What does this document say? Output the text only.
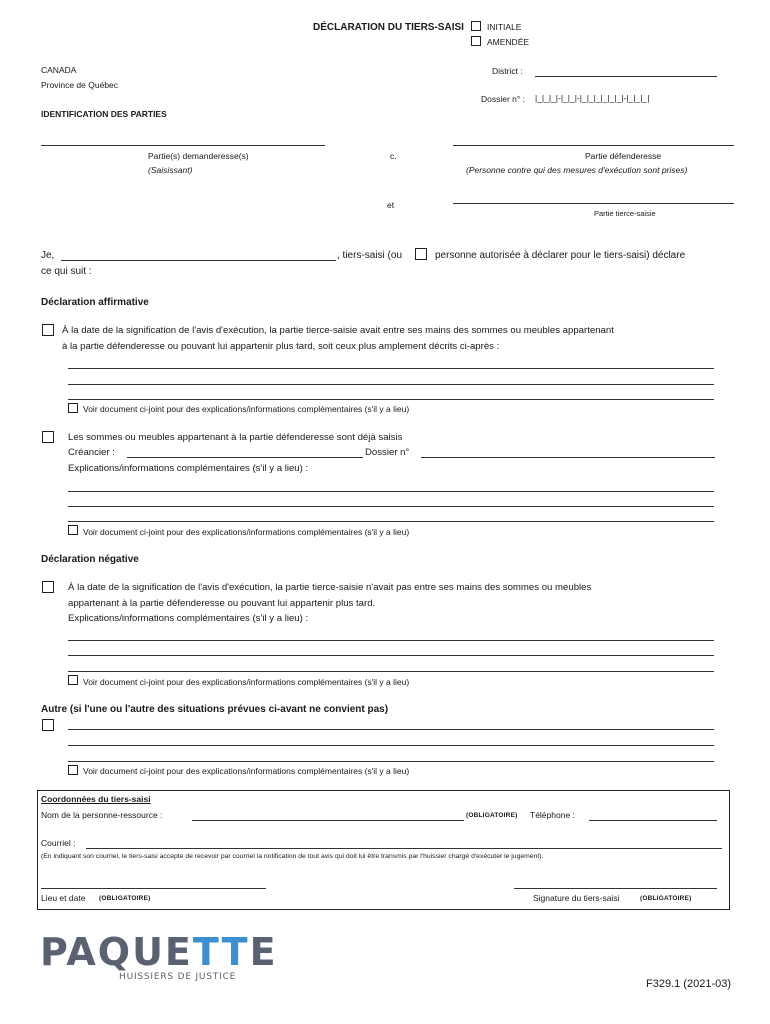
DÉCLARATION DU TIERS-SAISI	INITIALE
AMENDÉE
CANADA
Province de Québec
District :
Dossier n° : |_|_|_|-|_|_|-|_|_|_|_|_|_|-|_|_|_|
IDENTIFICATION DES PARTIES
Partie(s) demanderesse(s)
(Saisissant)
c.	Partie défenderesse
(Personne contre qui des mesures d'exécution sont prises)
et
Partie tierce-saisie
Je,	, tiers-saisi (ou	personne autorisée à déclarer pour le tiers-saisi) déclare
ce qui suit :
Déclaration affirmative
À la date de la signification de l'avis d'exécution, la partie tierce-saisie avait entre ses mains des sommes ou meubles appartenant
à la partie défenderesse ou pouvant lui appartenir plus tard, soit ceux plus amplement décrits ci-après :
Voir document ci-joint pour des explications/informations complémentaires (s'il y a lieu)
Les sommes ou meubles appartenant à la partie défenderesse sont déjà saisis
Créancier :	Dossier n°
Explications/informations complémentaires (s'il y a lieu) :
Voir document ci-joint pour des explications/informations complémentaires (s'il y a lieu)
Déclaration négative
À la date de la signification de l'avis d'exécution, la partie tierce-saisie n'avait pas entre ses mains des sommes ou meubles
appartenant à la partie défenderesse ou pouvant lui appartenir plus tard.
Explications/informations complémentaires (s'il y a lieu) :
Voir document ci-joint pour des explications/informations complémentaires (s'il y a lieu)
Autre (si l'une ou l'autre des situations prévues ci-avant ne convient pas)
Voir document ci-joint pour des explications/informations complémentaires (s'il y a lieu)
Coordonnées du tiers-saisi
Nom de la personne-ressource :	(OBLIGATOIRE) Téléphone :
Courriel :
(En indiquant son courriel, le tiers-saisi accepte de recevoir par courriel la notification de tout avis qui doit lui être transmis par l'huissier chargé d'exécuter le jugement).
Lieu et date (OBLIGATOIRE)	Signature du tiers-saisi	(OBLIGATOIRE)
PAQUETTE
HUISSIERS DE JUSTICE
F329.1 (2021-03)
